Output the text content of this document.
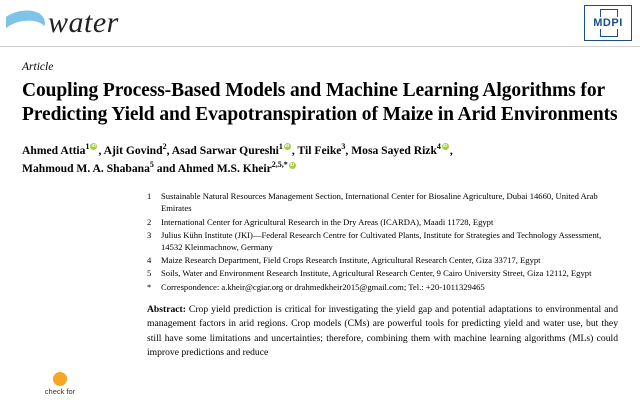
water	MDPI
Article
Coupling Process-Based Models and Machine Learning Algorithms for Predicting Yield and Evapotranspiration of Maize in Arid Environments
Ahmed Attia$^1$ iD , Ajit Govind$^2$, Asad Sarwar Qureshi$^1$ iD , Til Feike$^3$, Mosa Sayed Rizk$^4$ iD ,
Mahmoud M. A. Shabana$^5$ and Ahmed M.S. Kheir$^{2,5,*}$iD
1	Sustainable Natural Resources Management Section, International Center for Biosaline Agriculture, Dubai 14660, United Arab Emirates
2	International Center for Agricultural Research in the Dry Areas (ICARDA), Maadi 11728, Egypt
3	Julius Kühn Institute (JKI)—Federal Research Centre for Cultivated Plants, Institute for Strategies and Technology Assessment, 14532 Kleinmachnow, Germany
4	Maize Research Department, Field Crops Research Institute, Agricultural Research Center, Giza 33717, Egypt
5	Soils, Water and Environment Research Institute, Agricultural Research Center, 9 Cairo University Street, Giza 12112, Egypt
*	Correspondence: a.kheir@cgiar.org or drahmedkheir2015@gmail.com; Tel.: +20-1011329465
Abstract: Crop yield prediction is critical for investigating the yield gap and potential adaptations to environmental and management factors in arid regions. Crop models (CMs) are powerful tools for predicting yield and water use, but they still have some limitations and uncertainties; therefore, combining them with machine learning algorithms (MLs) could improve predictions and reduce
check for
